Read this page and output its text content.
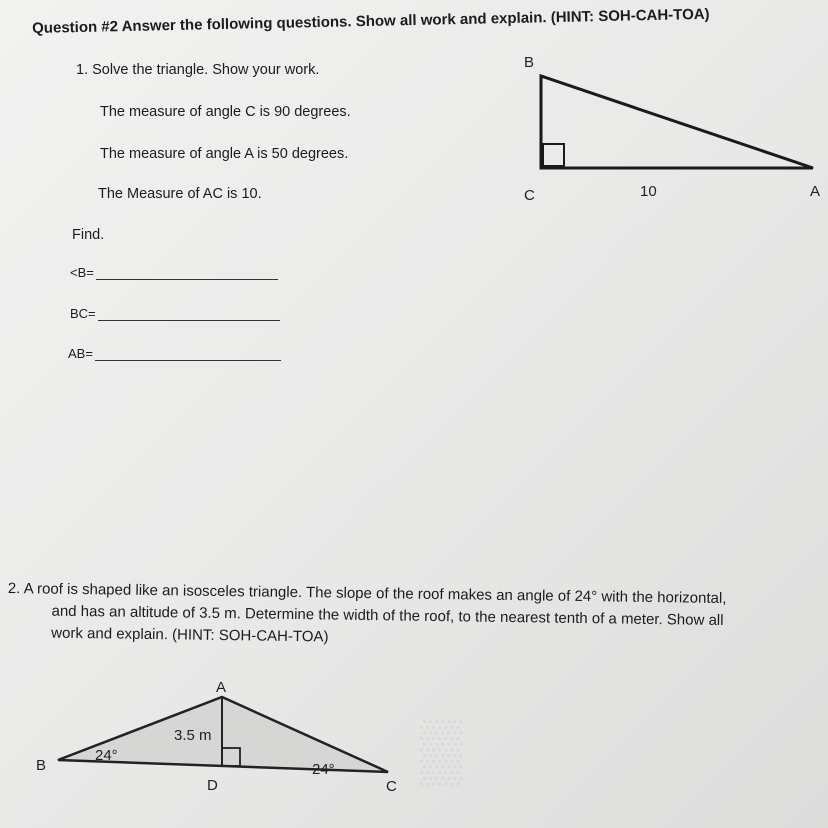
Question #2 Answer the following questions. Show all work and explain. (HINT: SOH-CAH-TOA)
1. Solve the triangle. Show your work.
The measure of angle C is 90 degrees.
The measure of angle A is 50 degrees.
The Measure of AC is 10.
Find.
<B=
BC=
AB=
B
C	A
10
2. A roof is shaped like an isosceles triangle. The slope of the roof makes an angle of 24° with the horizontal,
and has an altitude of 3.5 m. Determine the width of the roof, to the nearest tenth of a meter. Show all
work and explain. (HINT: SOH-CAH-TOA)
▒
A
B
C
D
3.5 m
24°
24°
